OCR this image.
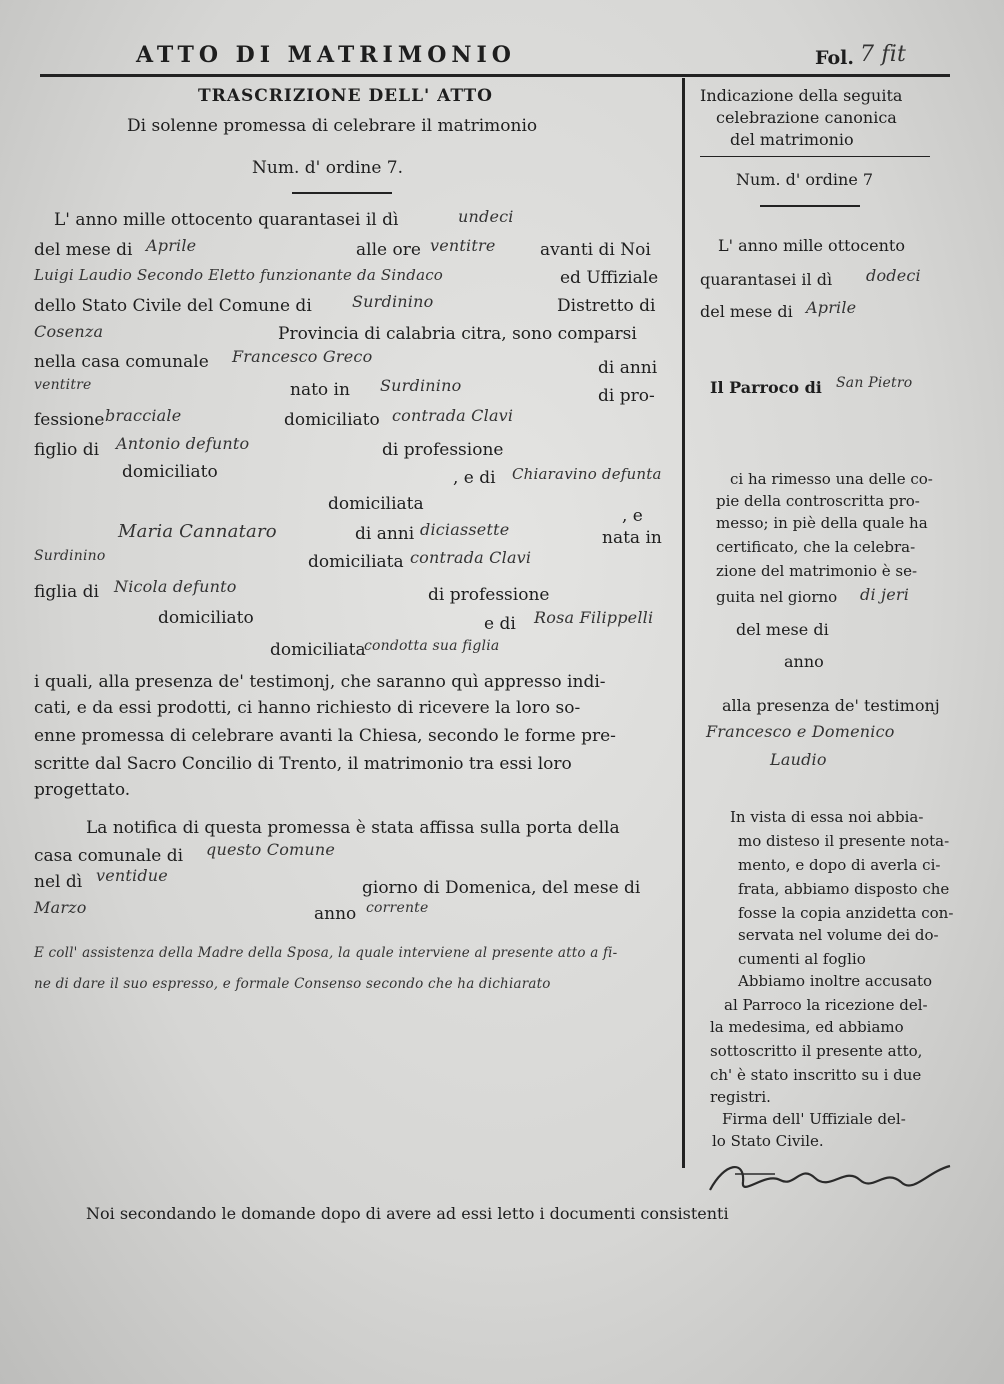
ATTO DI MATRIMONIO	Fol. 7 fit
TRASCRIZIONE DELL' ATTO
Di solenne promessa di celebrare il matrimonio
Num. d' ordine 7.
L' anno mille ottocento quarantasei il dì	undeci
del mese di Aprile	alle ore ventitre	avanti di Noi
Luigi Laudio Secondo Eletto funzionante da Sindaco	ed Uffiziale
dello Stato Civile del Comune di	Surdinino	Distretto di
Cosenza	Provincia di calabria citra, sono comparsi
nella casa comunale Francesco Greco
di anni
ventitre	nato in Surdinino
di pro-
fessione bracciale	domiciliato contrada Clavi
figlio di Antonio defunto	di professione
domiciliato	, e di Chiaravino defunta
domiciliata
, e
Maria Cannataro	di anni diciassette	nata in
Surdinino	domiciliata contrada Clavi
figlia di Nicola defunto	di professione
domiciliato	e di Rosa Filippelli
domiciliata
condotta sua figlia
i quali, alla presenza de' testimonj, che saranno quì appresso indi-
cati, e da essi prodotti, ci hanno richiesto di ricevere la loro so-
enne promessa di celebrare avanti la Chiesa, secondo le forme pre-
scritte dal Sacro Concilio di Trento, il matrimonio tra essi loro
progettato.
La notifica di questa promessa è stata affissa sulla porta della
casa comunale di questo Comune
nel dì ventidue
giorno di Domenica, del mese di
Marzo	anno corrente
E coll' assistenza della Madre della Sposa, la quale interviene al presente atto a fi-
ne di dare il suo espresso, e formale Consenso secondo che ha dichiarato
Indicazione della seguita
celebrazione canonica
del matrimonio
Num. d' ordine 7
L' anno mille ottocento
quarantasei il dì dodeci
del mese di Aprile
Il Parroco di San Pietro
ci ha rimesso una delle co-
pie della controscritta pro-
messo; in piè della quale ha
certificato, che la celebra-
zione del matrimonio è se-
guita nel giorno di jeri
del mese di
anno
alla presenza de' testimonj
Francesco e Domenico
Laudio
In vista di essa noi abbia-
mo disteso il presente nota-
mento, e dopo di averla ci-
frata, abbiamo disposto che
fosse la copia anzidetta con-
servata nel volume dei do-
cumenti al foglio
Abbiamo inoltre accusato
al Parroco la ricezione del-
la medesima, ed abbiamo
sottoscritto il presente atto,
ch' è stato inscritto su i due
registri.
Firma dell' Uffiziale del-
lo Stato Civile.
Noi secondando le domande dopo di avere ad essi letto i documenti consistenti
